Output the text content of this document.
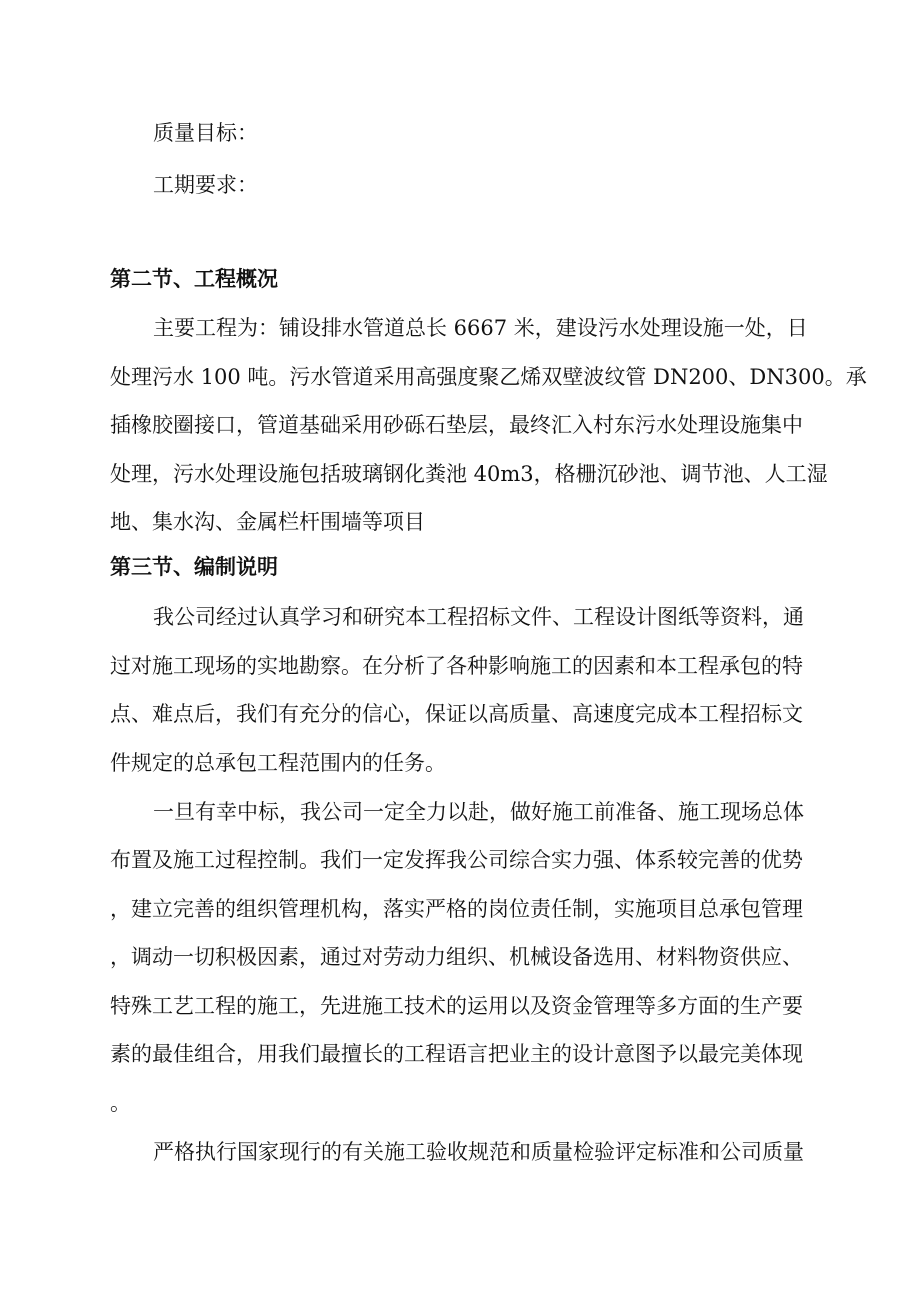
质量目标：
工期要求：
第二节、工程概况
主要工程为：铺设排水管道总长 6667 米，建设污水处理设施一处，日
处理污水 100 吨。污水管道采用高强度聚乙烯双壁波纹管 DN200、DN300。承
插橡胶圈接口，管道基础采用砂砾石垫层，最终汇入村东污水处理设施集中
处理，污水处理设施包括玻璃钢化粪池 40m3，格栅沉砂池、调节池、人工湿
地、集水沟、金属栏杆围墙等项目
第三节、编制说明
我公司经过认真学习和研究本工程招标文件、工程设计图纸等资料，通
过对施工现场的实地勘察。在分析了各种影响施工的因素和本工程承包的特
点、难点后，我们有充分的信心，保证以高质量、高速度完成本工程招标文
件规定的总承包工程范围内的任务。
一旦有幸中标，我公司一定全力以赴，做好施工前准备、施工现场总体
布置及施工过程控制。我们一定发挥我公司综合实力强、体系较完善的优势
，建立完善的组织管理机构，落实严格的岗位责任制，实施项目总承包管理
，调动一切积极因素，通过对劳动力组织、机械设备选用、材料物资供应、
特殊工艺工程的施工，先进施工技术的运用以及资金管理等多方面的生产要
素的最佳组合，用我们最擅长的工程语言把业主的设计意图予以最完美体现
。
严格执行国家现行的有关施工验收规范和质量检验评定标准和公司质量
